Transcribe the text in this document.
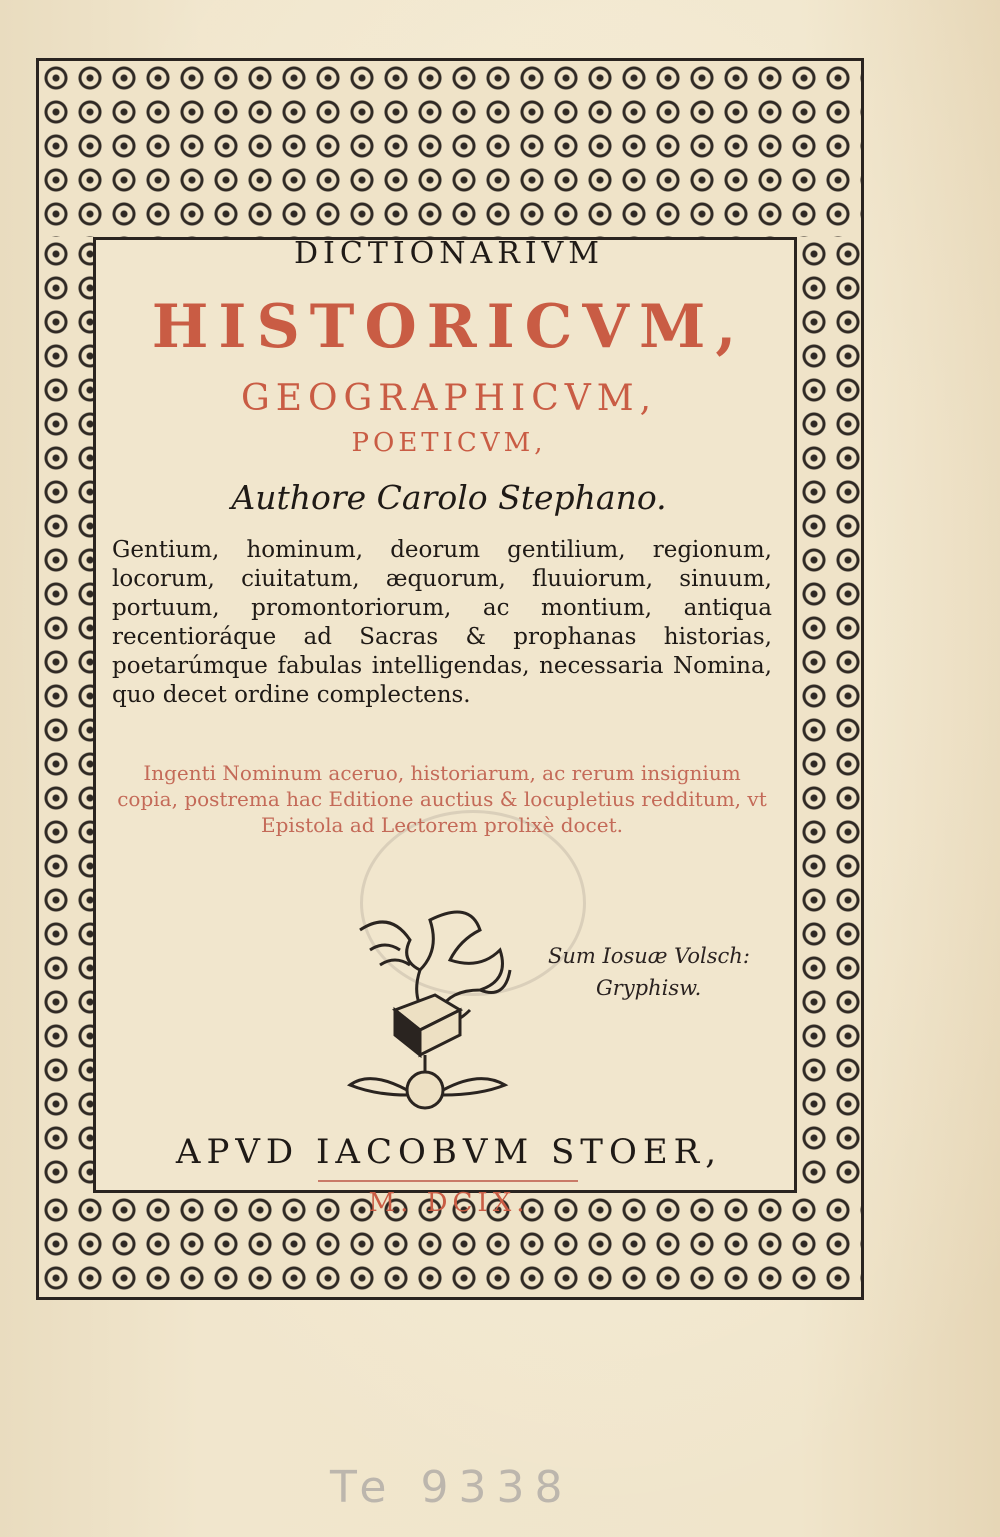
DICTIONARIVM
HISTORICVM,
GEOGRAPHICVM,
POETICVM,
Authore Carolo Stephano.
Gentium, hominum, deorum gentilium, regionum, locorum, ciuitatum, æquorum, fluuiorum, sinuum, portuum, promontoriorum, ac montium, antiqua recentioráque ad Sacras & prophanas historias, poetarúmque fabulas intelligendas, necessaria Nomina, quo decet ordine complectens.
Ingenti Nominum aceruo, historiarum, ac rerum insignium copia, postrema hac Editione auctius & locupletius redditum, vt Epistola ad Lectorem prolixè docet.
Sum Iosuæ Volsch:
Gryphisw.
APVD IACOBVM STOER,
M. DCIX.
Te 9338
